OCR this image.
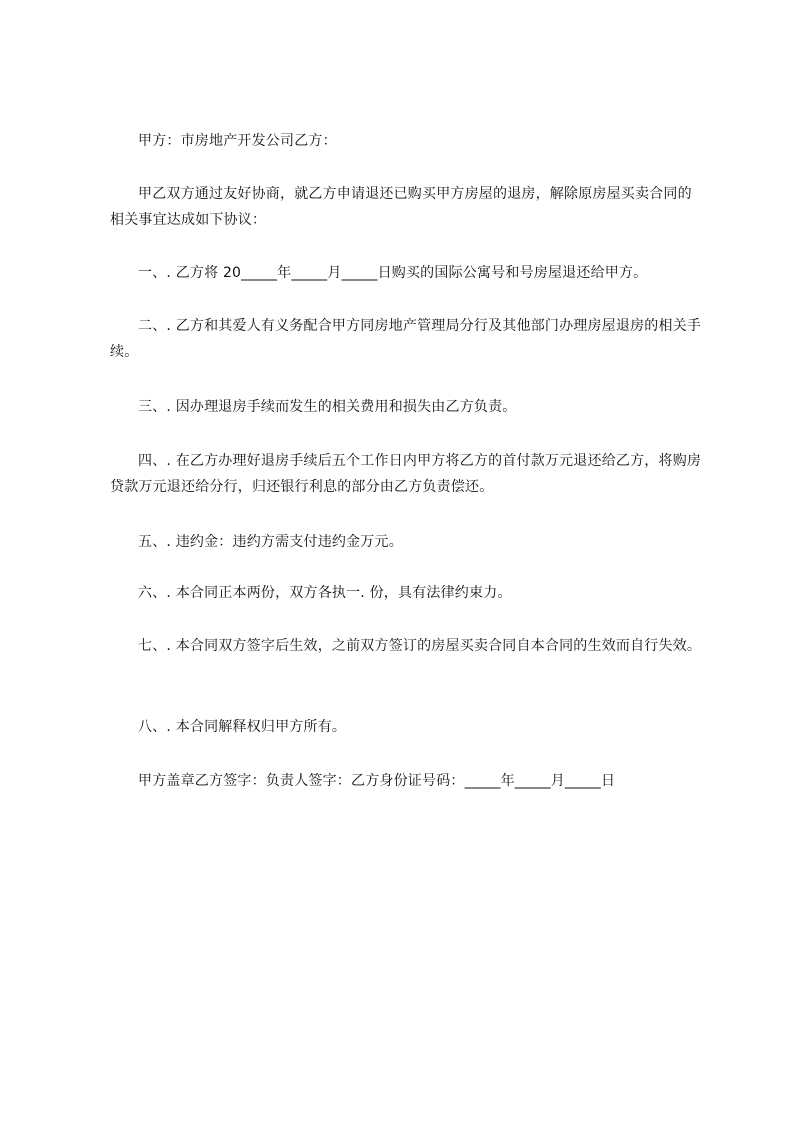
甲方：市房地产开发公司乙方：

甲乙双方通过友好协商，就乙方申请退还已购买甲方房屋的退房，解除原房屋买卖合同的相关事宜达成如下协议：

一、. 乙方将 20_____年_____月_____日购买的国际公寓号和号房屋退还给甲方。

二、. 乙方和其爱人有义务配合甲方同房地产管理局分行及其他部门办理房屋退房的相关手续。

三、. 因办理退房手续而发生的相关费用和损失由乙方负责。

四、. 在乙方办理好退房手续后五个工作日内甲方将乙方的首付款万元退还给乙方，将购房贷款万元退还给分行，归还银行利息的部分由乙方负责偿还。

五、. 违约金：违约方需支付违约金万元。

六、. 本合同正本两份，双方各执一. 份，具有法律约束力。

七、. 本合同双方签字后生效，之前双方签订的房屋买卖合同自本合同的生效而自行失效。

八、. 本合同解释权归甲方所有。

甲方盖章乙方签字：负责人签字：乙方身份证号码：_____年_____月_____日
